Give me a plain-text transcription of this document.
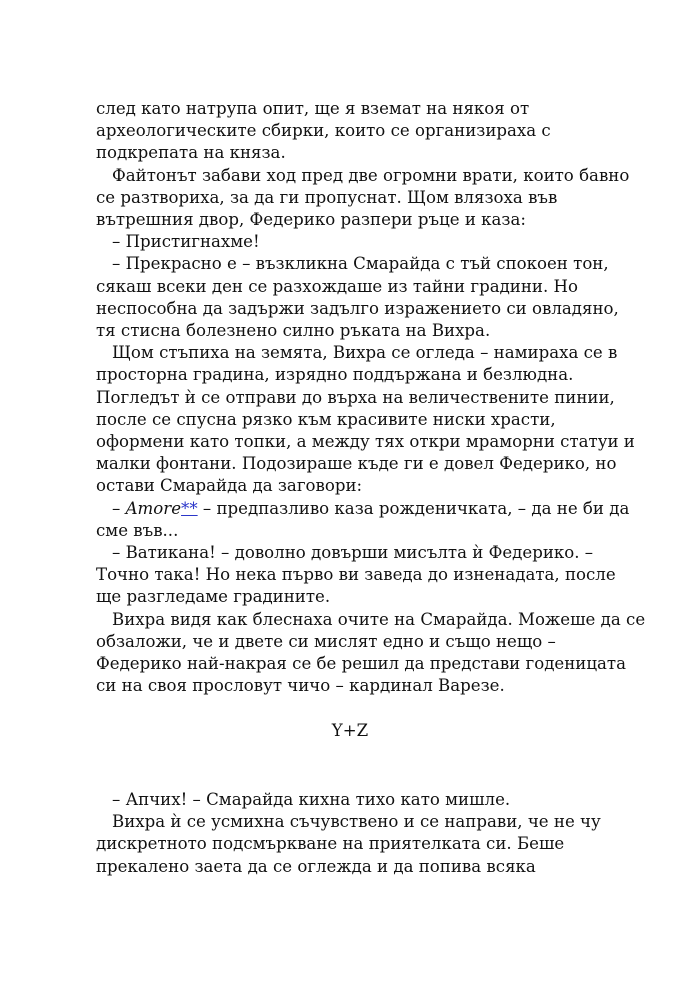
след като натрупа опит, ще я вземат на някоя от
археологическите сбирки, които се организираха с
подкрепата на княза.
Файтонът забави ход пред две огромни врати, които бавно
се разтвориха, за да ги пропуснат. Щом влязоха във
вътрешния двор, Федерико разпери ръце и каза:
– Пристигнахме!
– Прекрасно е – възкликна Смарайда с тъй спокоен тон,
сякаш всеки ден се разхождаше из тайни градини. Но
неспособна да задържи задълго изражението си овладяно,
тя стисна болезнено силно ръката на Вихра.
Щом стъпиха на земята, Вихра се огледа – намираха се в
просторна градина, изрядно поддържана и безлюдна.
Погледът ѝ се отправи до върха на величествените пинии,
после се спусна рязко към красивите ниски храсти,
оформени като топки, а между тях откри мраморни статуи и
малки фонтани. Подозираше къде ги е довел Федерико, но
остави Смарайда да заговори:
– Amore** – предпазливо каза рожденичката, – да не би да
сме във...
– Ватикана! – доволно довърши мисълта ѝ Федерико. –
Точно така! Но нека първо ви заведа до изненадата, после
ще разгледаме градините.
Вихра видя как блеснаха очите на Смарайда. Можеше да се
обзаложи, че и двете си мислят едно и също нещо –
Федерико най-накрая се бе решил да представи годеницата
си на своя прословут чичо – кардинал Варезе.
Y+Z
– Апчих! – Смарайда кихна тихо като мишле.
Вихра ѝ се усмихна съчувствено и се направи, че не чу
дискретното подсмъркване на приятелката си. Беше
прекалено заета да се оглежда и да попива всяка
